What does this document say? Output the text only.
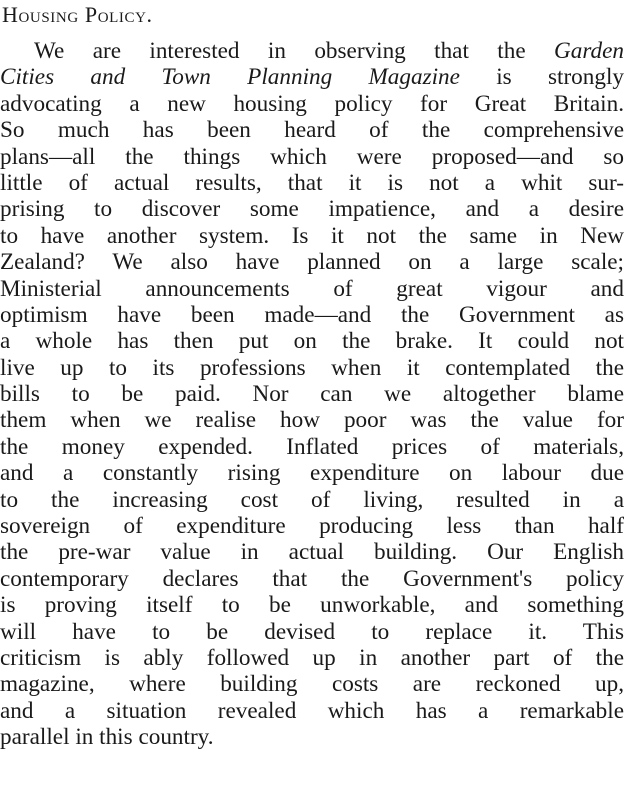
Housing Policy.
We are interested in observing that the Garden
Cities and Town Planning Magazine is strongly
advocating a new housing policy for Great Britain.
So much has been heard of the comprehensive
plans—all the things which were proposed—and so
little of actual results, that it is not a whit sur-
prising to discover some impatience, and a desire
to have another system. Is it not the same in New
Zealand? We also have planned on a large scale;
Ministerial announcements of great vigour and
optimism have been made—and the Government as
a whole has then put on the brake. It could not
live up to its professions when it contemplated the
bills to be paid. Nor can we altogether blame
them when we realise how poor was the value for
the money expended. Inflated prices of materials,
and a constantly rising expenditure on labour due
to the increasing cost of living, resulted in a
sovereign of expenditure producing less than half
the pre-war value in actual building. Our English
contemporary declares that the Government's policy
is proving itself to be unworkable, and something
will have to be devised to replace it. This
criticism is ably followed up in another part of the
magazine, where building costs are reckoned up,
and a situation revealed which has a remarkable
parallel in this country.
